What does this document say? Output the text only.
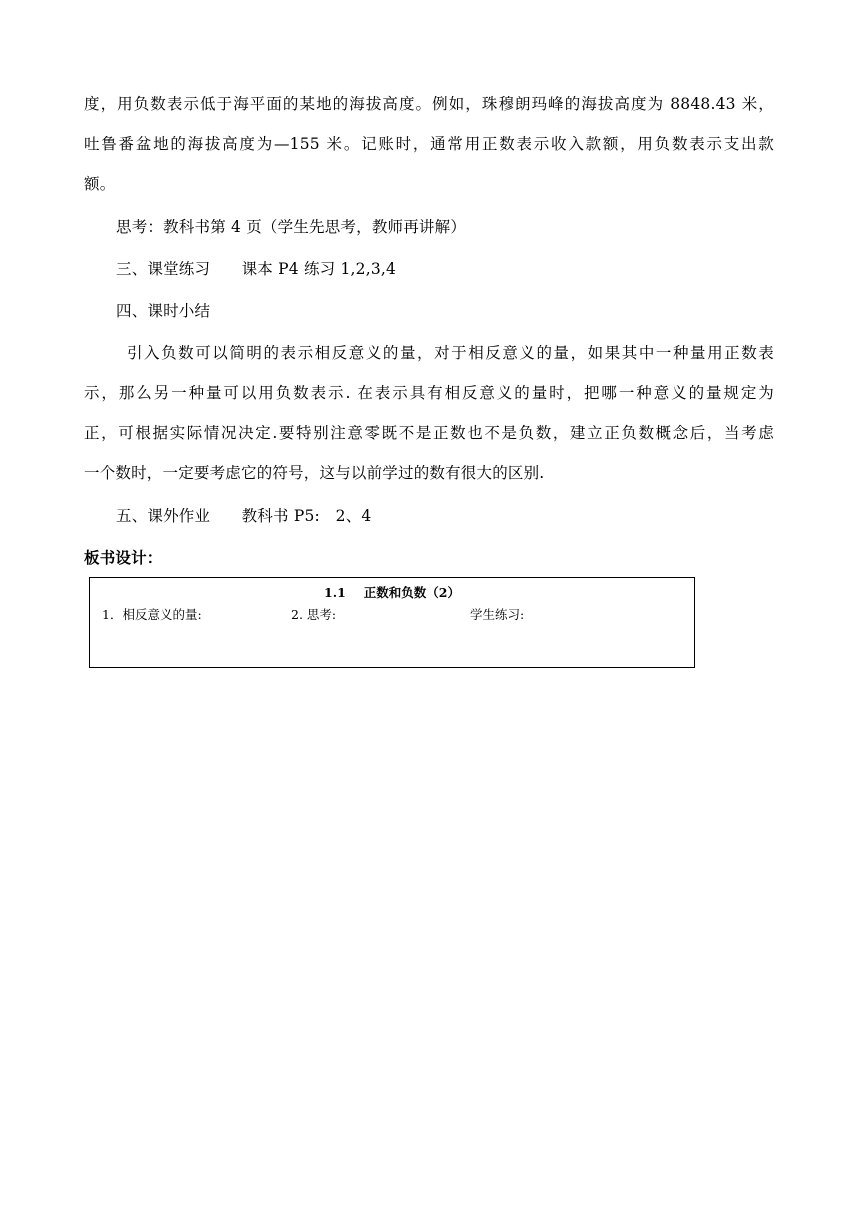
度，用负数表示低于海平面的某地的海拔高度。例如，珠穆朗玛峰的海拔高度为 8848.43 米，
吐鲁番盆地的海拔高度为—155 米。记账时，通常用正数表示收入款额，用负数表示支出款
额。
思考：教科书第 4 页（学生先思考，教师再讲解）
三、课堂练习　　课本 P4 练习 1,2,3,4
四、课时小结
引入负数可以简明的表示相反意义的量，对于相反意义的量，如果其中一种量用正数表
示，那么另一种量可以用负数表示. 在表示具有相反意义的量时，把哪一种意义的量规定为
正，可根据实际情况决定.要特别注意零既不是正数也不是负数，建立正负数概念后，当考虑
一个数时，一定要考虑它的符号，这与以前学过的数有很大的区别.
五、课外作业　　教科书 P5:　2、4
板书设计：
1.1 正数和负数（2）
1．相反意义的量:	2. 思考:	学生练习:
